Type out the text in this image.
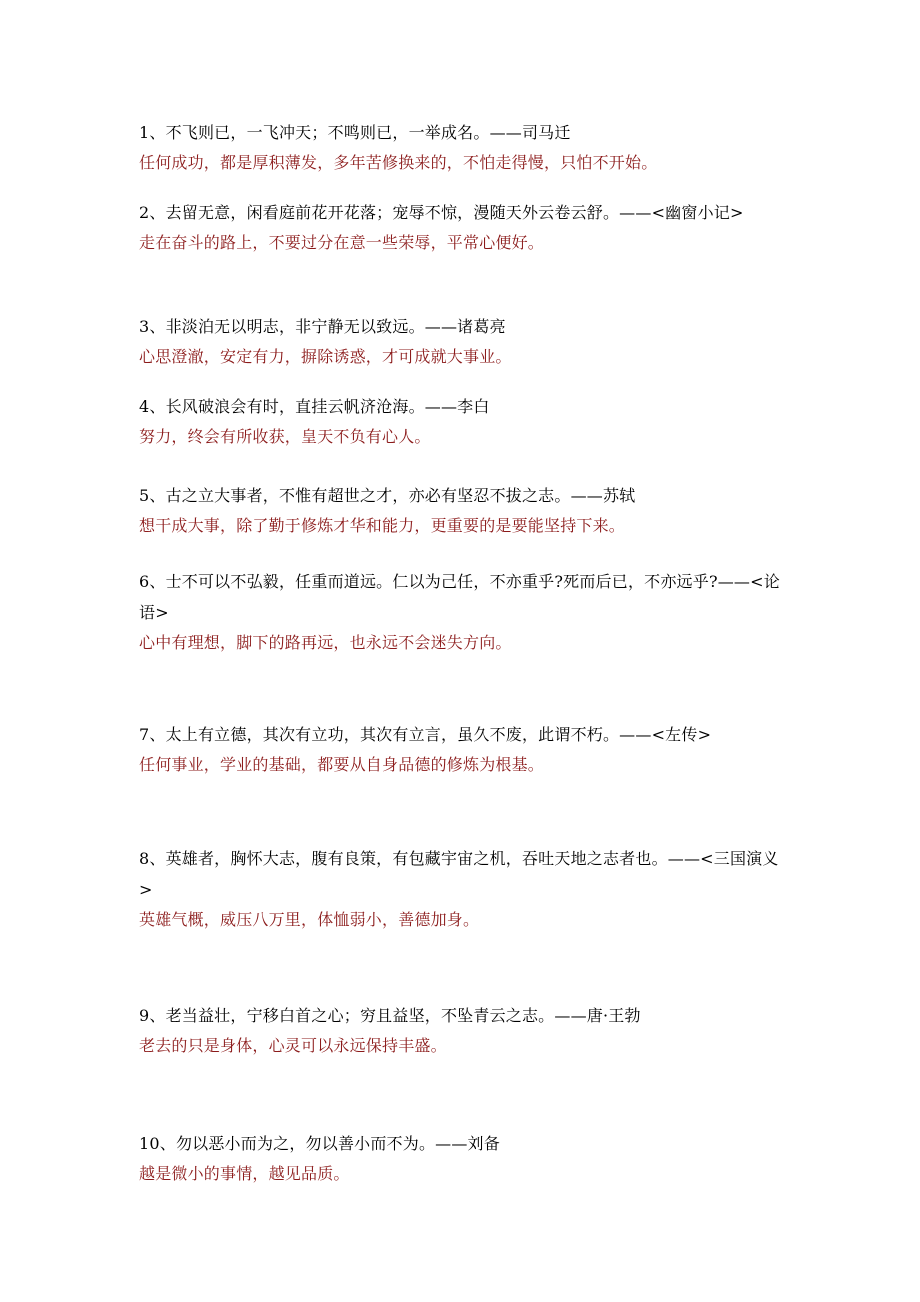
1、不飞则已，一飞冲天；不鸣则已，一举成名。——司马迁

任何成功，都是厚积薄发，多年苦修换来的，不怕走得慢，只怕不开始。

2、去留无意，闲看庭前花开花落；宠辱不惊，漫随天外云卷云舒。——<幽窗小记>

走在奋斗的路上，不要过分在意一些荣辱，平常心便好。

3、非淡泊无以明志，非宁静无以致远。——诸葛亮

心思澄澈，安定有力，摒除诱惑，才可成就大事业。

4、长风破浪会有时，直挂云帆济沧海。——李白

努力，终会有所收获，皇天不负有心人。

5、古之立大事者，不惟有超世之才，亦必有坚忍不拔之志。——苏轼

想干成大事，除了勤于修炼才华和能力，更重要的是要能坚持下来。

6、士不可以不弘毅，任重而道远。仁以为己任，不亦重乎?死而后已，不亦远乎?——<论语>

心中有理想，脚下的路再远，也永远不会迷失方向。

7、太上有立德，其次有立功，其次有立言，虽久不废，此谓不朽。——<左传>

任何事业，学业的基础，都要从自身品德的修炼为根基。

8、英雄者，胸怀大志，腹有良策，有包藏宇宙之机，吞吐天地之志者也。——<三国演义>

英雄气概，威压八万里，体恤弱小，善德加身。

9、老当益壮，宁移白首之心；穷且益坚，不坠青云之志。——唐·王勃

老去的只是身体，心灵可以永远保持丰盛。

10、勿以恶小而为之，勿以善小而不为。——刘备

越是微小的事情，越见品质。
